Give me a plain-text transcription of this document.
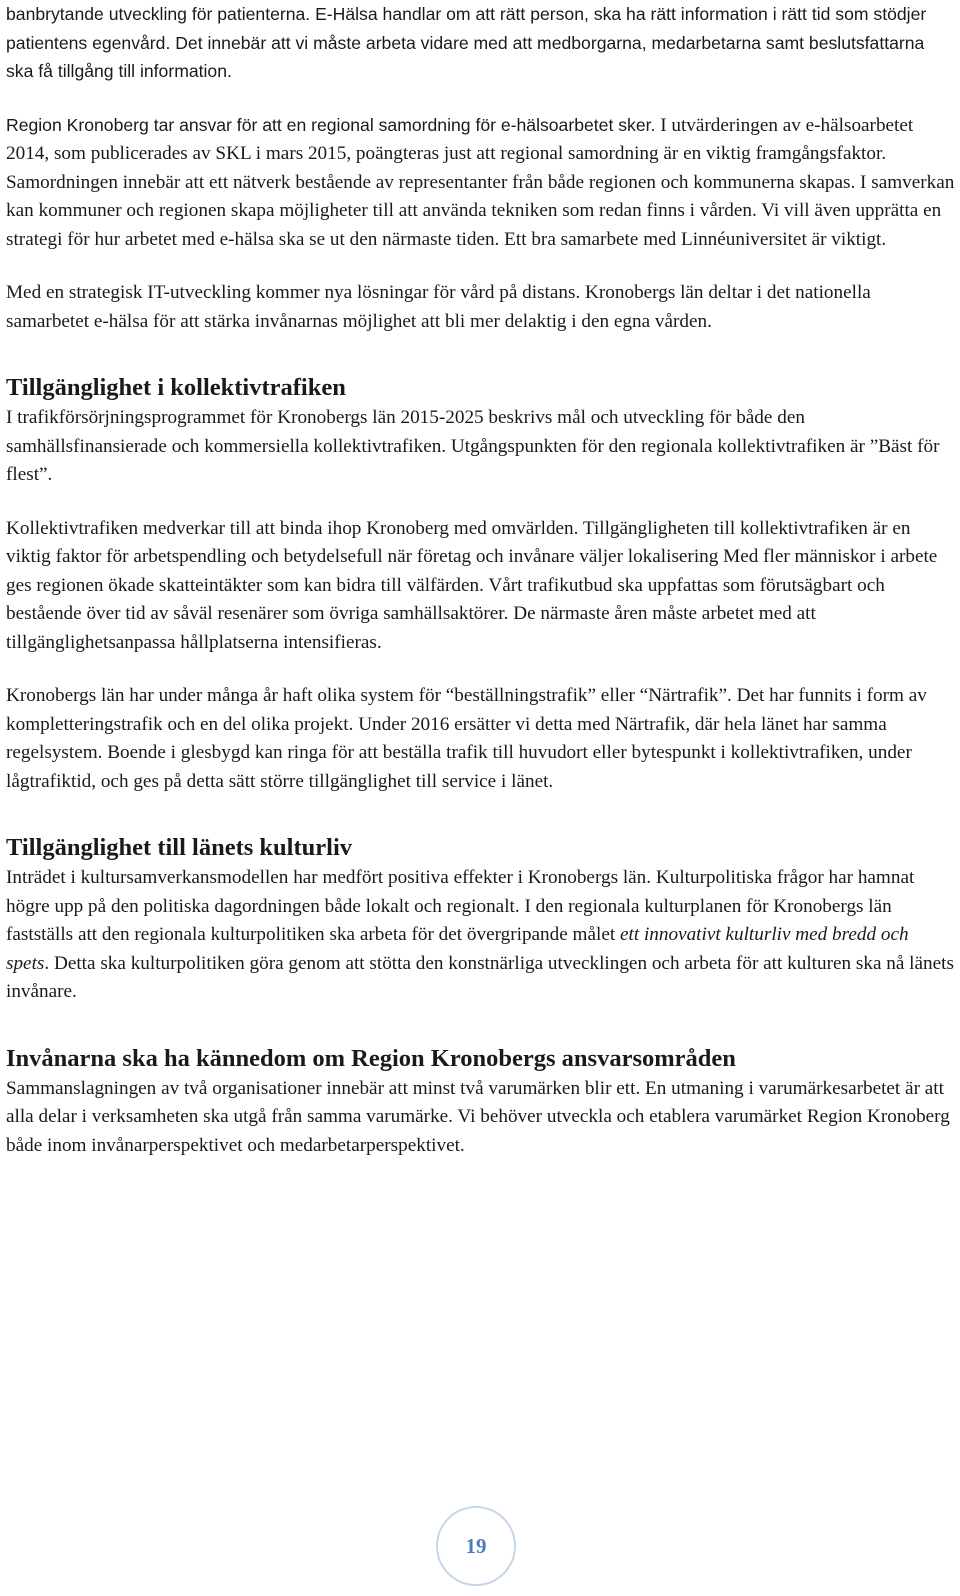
banbrytande utveckling för patienterna. E-Hälsa handlar om att rätt person, ska ha rätt information i rätt tid som stödjer patientens egenvård. Det innebär att vi måste arbeta vidare med att medborgarna, medarbetarna samt beslutsfattarna ska få tillgång till information.

Region Kronoberg tar ansvar för att en regional samordning för e-hälsoarbetet sker. I utvärderingen av e-hälsoarbetet 2014, som publicerades av SKL i mars 2015, poängteras just att regional samordning är en viktig framgångsfaktor. Samordningen innebär att ett nätverk bestående av representanter från både regionen och kommunerna skapas. I samverkan kan kommuner och regionen skapa möjligheter till att använda tekniken som redan finns i vården. Vi vill även upprätta en strategi för hur arbetet med e-hälsa ska se ut den närmaste tiden. Ett bra samarbete med Linnéuniversitet är viktigt.

Med en strategisk IT-utveckling kommer nya lösningar för vård på distans. Kronobergs län deltar i det nationella samarbetet e-hälsa för att stärka invånarnas möjlighet att bli mer delaktig i den egna vården.

Tillgänglighet i kollektivtrafiken

I trafikförsörjningsprogrammet för Kronobergs län 2015-2025 beskrivs mål och utveckling för både den samhällsfinansierade och kommersiella kollektivtrafiken. Utgångspunkten för den regionala kollektivtrafiken är ”Bäst för flest”.

Kollektivtrafiken medverkar till att binda ihop Kronoberg med omvärlden. Tillgängligheten till kollektivtrafiken är en viktig faktor för arbetspendling och betydelsefull när företag och invånare väljer lokalisering Med fler människor i arbete ges regionen ökade skatteintäkter som kan bidra till välfärden. Vårt trafikutbud ska uppfattas som förutsägbart och bestående över tid av såväl resenärer som övriga samhällsaktörer. De närmaste åren måste arbetet med att tillgänglighetsanpassa hållplatserna intensifieras.

Kronobergs län har under många år haft olika system för “beställningstrafik” eller “Närtrafik”. Det har funnits i form av kompletteringstrafik och en del olika projekt. Under 2016 ersätter vi detta med Närtrafik, där hela länet har samma regelsystem. Boende i glesbygd kan ringa för att beställa trafik till huvudort eller bytespunkt i kollektivtrafiken, under lågtrafiktid, och ges på detta sätt större tillgänglighet till service i länet.

Tillgänglighet till länets kulturliv

Inträdet i kultursamverkansmodellen har medfört positiva effekter i Kronobergs län. Kulturpolitiska frågor har hamnat högre upp på den politiska dagordningen både lokalt och regionalt. I den regionala kulturplanen för Kronobergs län fastställs att den regionala kulturpolitiken ska arbeta för det övergripande målet ett innovativt kulturliv med bredd och spets. Detta ska kulturpolitiken göra genom att stötta den konstnärliga utvecklingen och arbeta för att kulturen ska nå länets invånare.

Invånarna ska ha kännedom om Region Kronobergs ansvarsområden

Sammanslagningen av två organisationer innebär att minst två varumärken blir ett. En utmaning i varumärkesarbetet är att alla delar i verksamheten ska utgå från samma varumärke. Vi behöver utveckla och etablera varumärket Region Kronoberg både inom invånarperspektivet och medarbetarperspektivet.

19
